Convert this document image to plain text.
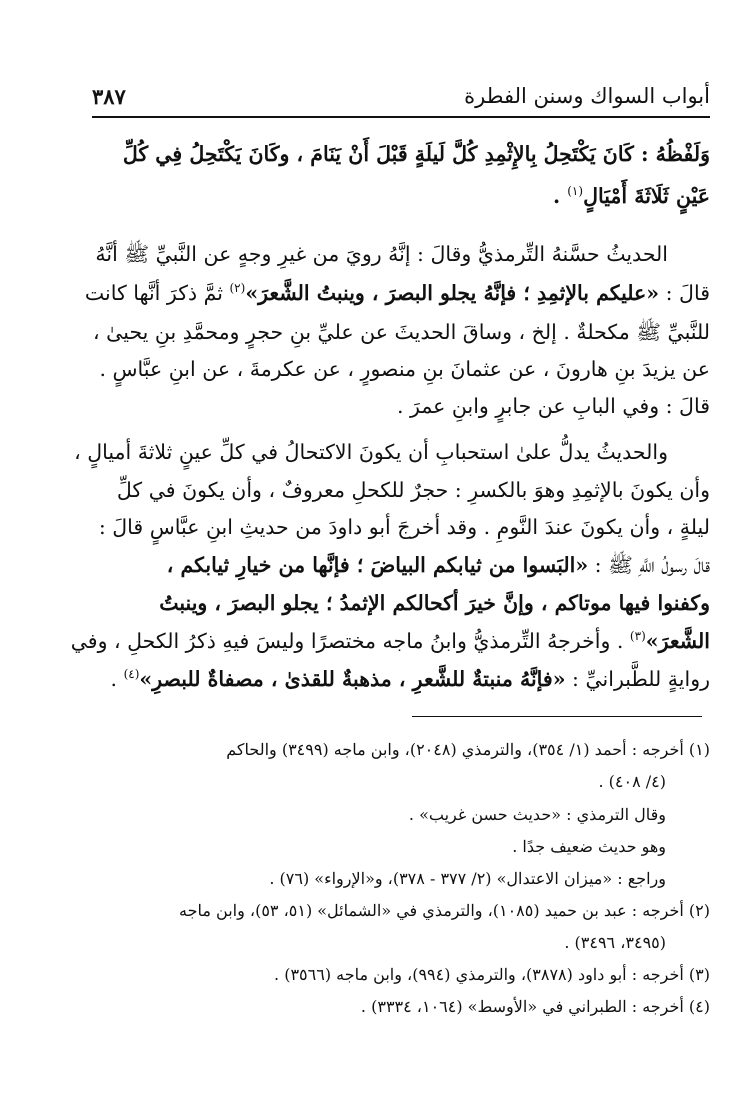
أبواب السواك وسنن الفطرة
٣٨٧
وَلَفْظُهُ : كَانَ يَكْتَحِلُ بِالإِثْمِدِ كُلَّ لَيلَةٍ قَبْلَ أَنْ يَنَامَ ، وكَانَ يَكْتَحِلُ فِي كُلِّ
عَيْنٍ ثَلَاثَةَ أَمْيَالٍ$^{(١)}$ .
الحديثُ حسَّنهُ التِّرمذيُّ وقالَ : إنَّهُ رويَ من غيرِ وجهٍ عن النَّبيِّ ﷺ أنَّهُ
قالَ : «عليكم بالإثمِدِ ؛ فإنَّهُ يجلو البصرَ ، وينبتُ الشَّعرَ»$^{(٢)}$ ثمَّ ذكرَ أنَّها كانت
للنَّبيِّ ﷺ مكحلةٌ . إلخ ، وساقَ الحديثَ عن عليِّ بنِ حجرٍ ومحمَّدِ بنِ يحيىٰ ،
عن يزيدَ بنِ هارونَ ، عن عثمانَ بنِ منصورٍ ، عن عكرمةَ ، عن ابنِ عبَّاسٍ .
قالَ : وفي البابِ عن جابرٍ وابنِ عمرَ .
والحديثُ يدلُّ علىٰ استحبابِ أن يكونَ الاكتحالُ في كلِّ عينٍ ثلاثةَ أميالٍ ،
وأن يكونَ بالإثمِدِ وهوَ بالكسرِ : حجرٌ للكحلِ معروفٌ ، وأن يكونَ في كلِّ
ليلةٍ ، وأن يكونَ عندَ النَّومِ . وقد أخرجَ أبو داودَ من حديثِ ابنِ عبَّاسٍ قالَ :
قالَ رسولُ اللَّهِ ﷺ : «البَسوا من ثيابكم البياضَ ؛ فإنَّها من خيارِ ثيابكم ،
وكفنوا فيها موتاكم ، وإنَّ خيرَ أكحالكم الإثمدُ ؛ يجلو البصرَ ، وينبتُ
الشَّعرَ»$^{(٣)}$ . وأخرجهُ التِّرمذيُّ وابنُ ماجه مختصرًا وليسَ فيهِ ذكرُ الكحلِ ، وفي
روايةٍ للطَّبرانيِّ : «فإنَّهُ منبتةٌ للشَّعرِ ، مذهبةٌ للقذىٰ ، مصفاةٌ للبصرِ»$^{(٤)}$ .
(١) أخرجه : أحمد (١/ ٣٥٤)، والترمذي (٢٠٤٨)، وابن ماجه (٣٤٩٩) والحاكم
(٤/ ٤٠٨) .
وقال الترمذي : «حديث حسن غريب» .
وهو حديث ضعيف جدًا .
وراجع : «ميزان الاعتدال» (٢/ ٣٧٧ - ٣٧٨)، و«الإرواء» (٧٦) .
(٢) أخرجه : عبد بن حميد (١٠٨٥)، والترمذي في «الشمائل» (٥١، ٥٣)، وابن ماجه
(٣٤٩٥، ٣٤٩٦) .
(٣) أخرجه : أبو داود (٣٨٧٨)، والترمذي (٩٩٤)، وابن ماجه (٣٥٦٦) .
(٤) أخرجه : الطبراني في «الأوسط» (١٠٦٤، ٣٣٣٤) .
